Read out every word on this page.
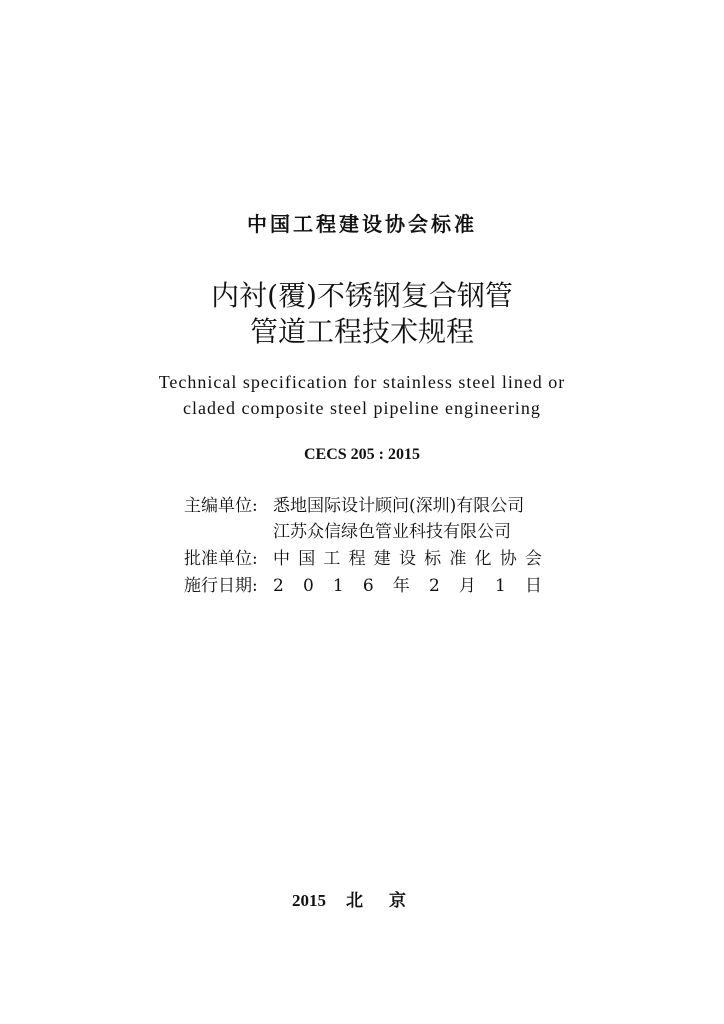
中国工程建设协会标准
内衬(覆)不锈钢复合钢管
管道工程技术规程
Technical specification for stainless steel lined or
claded composite steel pipeline engineering
CECS 205 : 2015
主编单位: 悉地国际设计顾问(深圳)有限公司
江苏众信绿色管业科技有限公司
批准单位: 中 国 工 程 建 设 标 准 化 协 会
施行日期: 2 0 1 6 年 2 月 1 日
2015 北京
